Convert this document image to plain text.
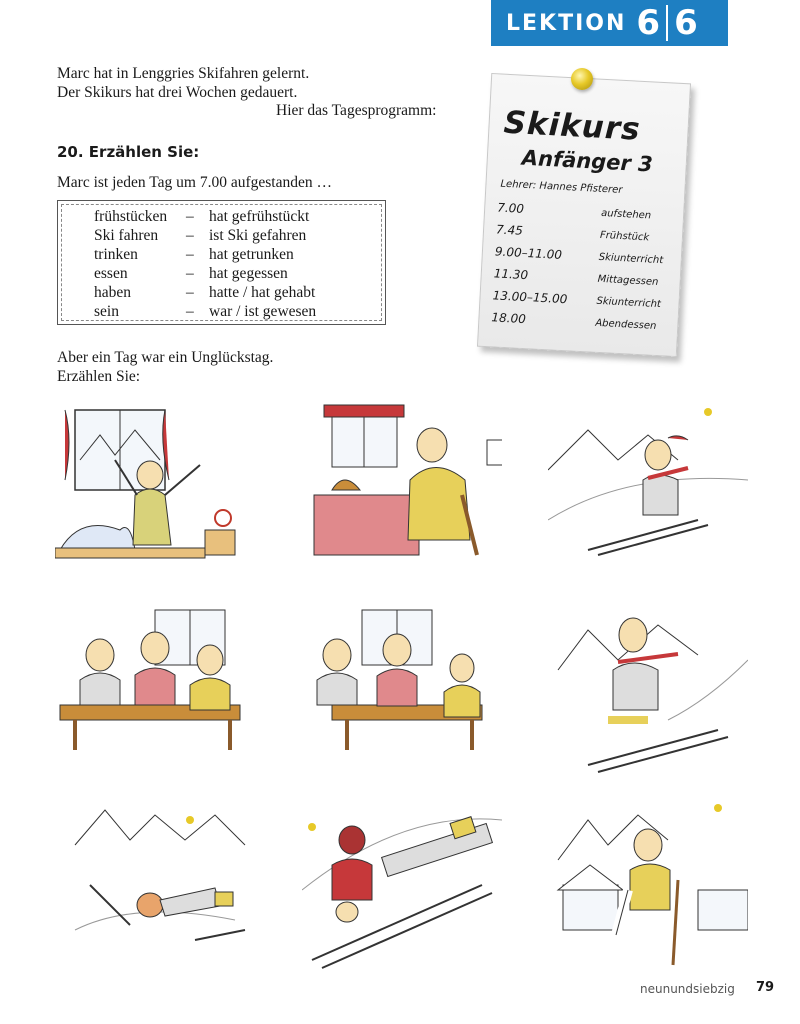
LEKTION 6 6
Marc hat in Lenggries Skifahren gelernt.
Der Skikurs hat drei Wochen gedauert.
Hier das Tagesprogramm:
20. Erzählen Sie:
Marc ist jeden Tag um 7.00 aufgestanden …
frühstücken – hat gefrühstückt
Ski fahren – ist Ski gefahren
trinken	– hat getrunken
essen	– hat gegessen
haben	– hatte / hat gehabt
sein	– war / ist gewesen
Aber ein Tag war ein Unglückstag.
Erzählen Sie:
Skikurs
Anfänger 3
Lehrer: Hannes Pfisterer
7.00	aufstehen
7.45	Frühstück
9.00–11.00	Skiunterricht
11.30	Mittagessen
13.00–15.00	Skiunterricht
18.00	Abendessen
neunundsiebzig 79
